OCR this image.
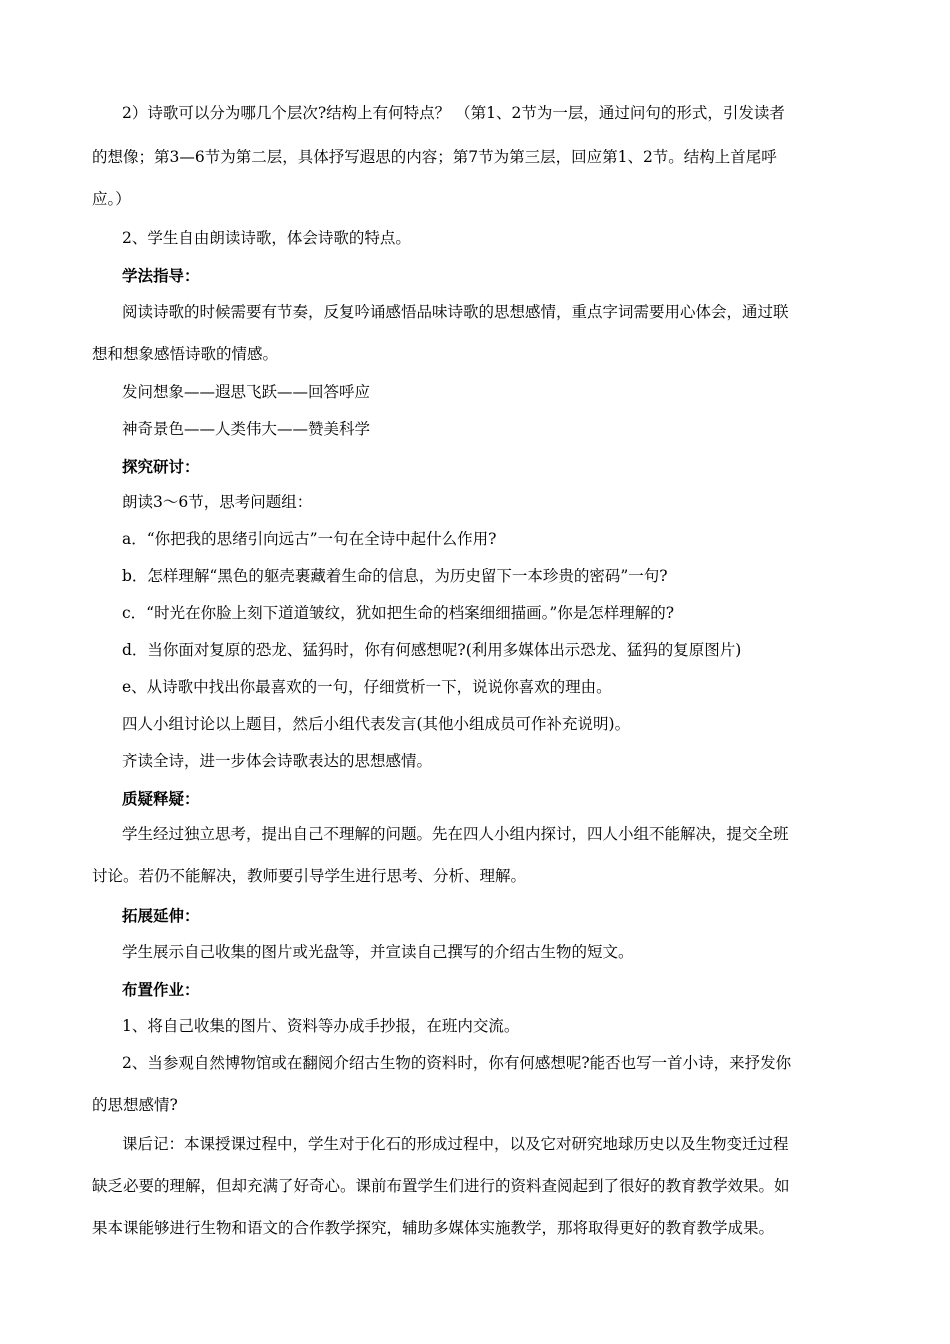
2）诗歌可以分为哪几个层次?结构上有何特点？ （第1、2节为一层，通过问句的形式，引发读者
的想像；第3—6节为第二层，具体抒写遐思的内容；第7节为第三层，回应第1、2节。结构上首尾呼
应。）
2、学生自由朗读诗歌，体会诗歌的特点。
学法指导：
阅读诗歌的时候需要有节奏，反复吟诵感悟品味诗歌的思想感情，重点字词需要用心体会，通过联
想和想象感悟诗歌的情感。
发问想象——遐思飞跃——回答呼应
神奇景色——人类伟大——赞美科学
探究研讨：
朗读3～6节，思考问题组：
a．“你把我的思绪引向远古”一句在全诗中起什么作用?
b．怎样理解“黑色的躯壳裹藏着生命的信息，为历史留下一本珍贵的密码”一句?
c．“时光在你脸上刻下道道皱纹，犹如把生命的档案细细描画。”你是怎样理解的?
d．当你面对复原的恐龙、猛犸时，你有何感想呢?(利用多媒体出示恐龙、猛犸的复原图片)
e、从诗歌中找出你最喜欢的一句，仔细赏析一下，说说你喜欢的理由。
四人小组讨论以上题目，然后小组代表发言(其他小组成员可作补充说明)。
齐读全诗，进一步体会诗歌表达的思想感情。
质疑释疑：
学生经过独立思考，提出自己不理解的问题。先在四人小组内探讨，四人小组不能解决，提交全班
讨论。若仍不能解决，教师要引导学生进行思考、分析、理解。
拓展延伸：
学生展示自己收集的图片或光盘等，并宣读自己撰写的介绍古生物的短文。
布置作业：
1、将自己收集的图片、资料等办成手抄报，在班内交流。
2、当参观自然博物馆或在翻阅介绍古生物的资料时，你有何感想呢?能否也写一首小诗，来抒发你
的思想感情?
课后记：本课授课过程中，学生对于化石的形成过程中，以及它对研究地球历史以及生物变迁过程
缺乏必要的理解，但却充满了好奇心。课前布置学生们进行的资料查阅起到了很好的教育教学效果。如
果本课能够进行生物和语文的合作教学探究，辅助多媒体实施教学，那将取得更好的教育教学成果。
